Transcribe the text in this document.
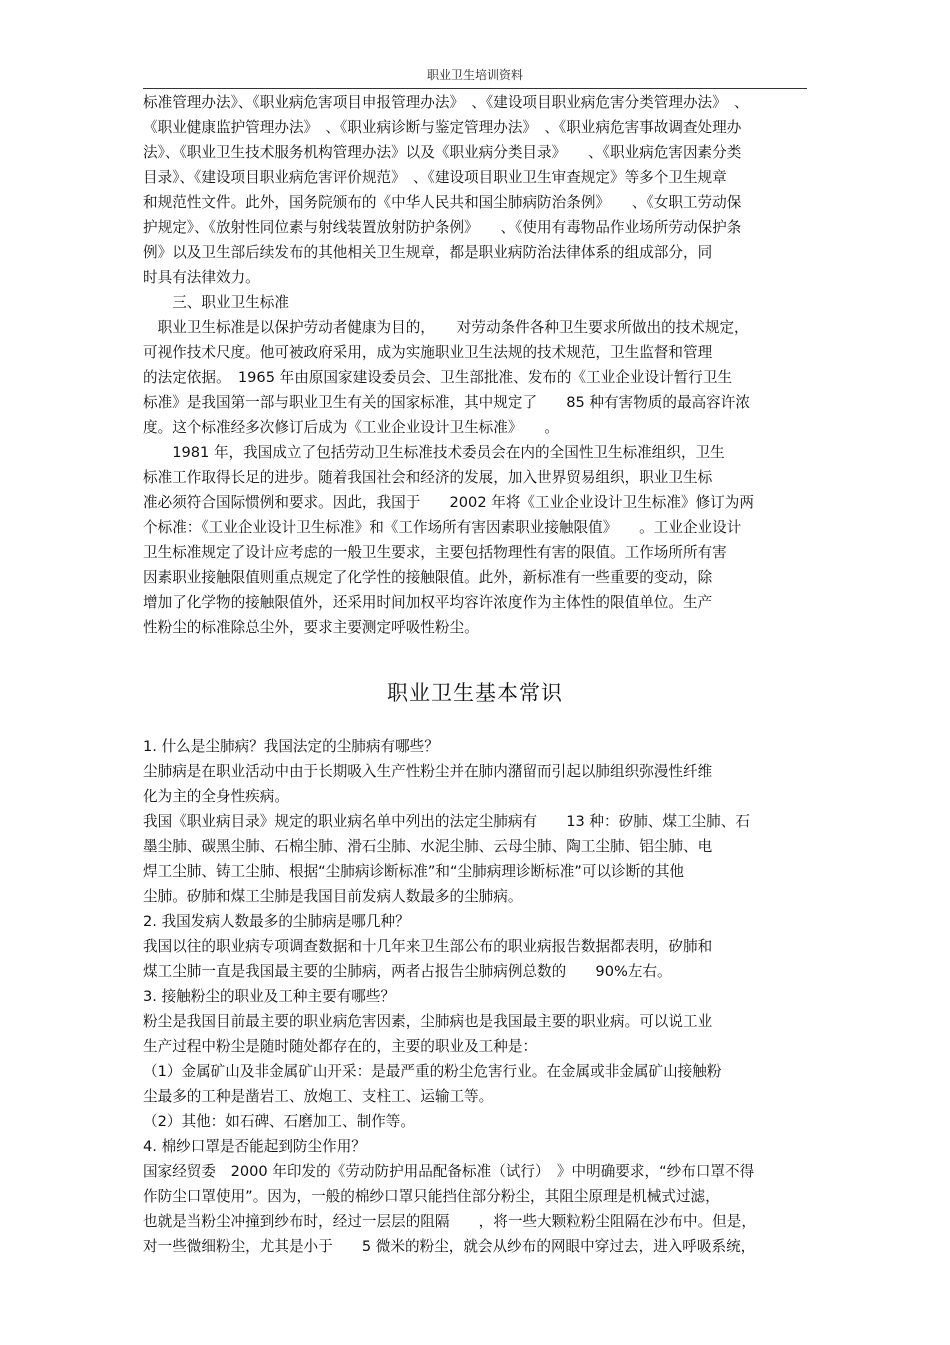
职业卫生培训资料
标准管理办法》、《职业病危害项目申报管理办法》　、《建设项目职业病危害分类管理办法》　、
《职业健康监护管理办法》　、《职业病诊断与鉴定管理办法》　、《职业病危害事故调查处理办
法》、《职业卫生技术服务机构管理办法》以及《职业病分类目录》　　、《职业病危害因素分类
目录》、《建设项目职业病危害评价规范》　、《建设项目职业卫生审查规定》等多个卫生规章
和规范性文件。此外，国务院颁布的《中华人民共和国尘肺病防治条例》　　、《女职工劳动保
护规定》、《放射性同位素与射线装置放射防护条例》　　、《使用有毒物品作业场所劳动保护条
例》以及卫生部后续发布的其他相关卫生规章，都是职业病防治法律体系的组成部分，同
时具有法律效力。
　　三、职业卫生标准
　职业卫生标准是以保护劳动者健康为目的，　　对劳动条件各种卫生要求所做出的技术规定，
可视作技术尺度。他可被政府采用，成为实施职业卫生法规的技术规范，卫生监督和管理
的法定依据。　1965 年由原国家建设委员会、卫生部批准、发布的《工业企业设计暂行卫生
标准》是我国第一部与职业卫生有关的国家标准，其中规定了　　85 种有害物质的最高容许浓
度。这个标准经多次修订后成为《工业企业设计卫生标准》　　。
　　1981 年，我国成立了包括劳动卫生标准技术委员会在内的全国性卫生标准组织，卫生
标准工作取得长足的进步。随着我国社会和经济的发展，加入世界贸易组织，职业卫生标
准必须符合国际惯例和要求。因此，我国于　　2002 年将《工业企业设计卫生标准》修订为两
个标准：《工业企业设计卫生标准》和《工作场所有害因素职业接触限值》　　。工业企业设计
卫生标准规定了设计应考虑的一般卫生要求，主要包括物理性有害的限值。工作场所所有害
因素职业接触限值则重点规定了化学性的接触限值。此外，新标准有一些重要的变动，除
增加了化学物的接触限值外，还采用时间加权平均容许浓度作为主体性的限值单位。生产
性粉尘的标准除总尘外，要求主要测定呼吸性粉尘。
职业卫生基本常识
1. 什么是尘肺病？我国法定的尘肺病有哪些？
尘肺病是在职业活动中由于长期吸入生产性粉尘并在肺内潴留而引起以肺组织弥漫性纤维
化为主的全身性疾病。
我国《职业病目录》规定的职业病名单中列出的法定尘肺病有　　13 种：矽肺、煤工尘肺、石
墨尘肺、碳黑尘肺、石棉尘肺、滑石尘肺、水泥尘肺、云母尘肺、陶工尘肺、铝尘肺、电
焊工尘肺、铸工尘肺、根据“尘肺病诊断标准”和“尘肺病理诊断标准”可以诊断的其他
尘肺。矽肺和煤工尘肺是我国目前发病人数最多的尘肺病。
2. 我国发病人数最多的尘肺病是哪几种？
我国以往的职业病专项调查数据和十几年来卫生部公布的职业病报告数据都表明，矽肺和
煤工尘肺一直是我国最主要的尘肺病，两者占报告尘肺病例总数的　　90%左右。
3. 接触粉尘的职业及工种主要有哪些？
粉尘是我国目前最主要的职业病危害因素，尘肺病也是我国最主要的职业病。可以说工业
生产过程中粉尘是随时随处都存在的，主要的职业及工种是：
（1）金属矿山及非金属矿山开采：是最严重的粉尘危害行业。在金属或非金属矿山接触粉
尘最多的工种是凿岩工、放炮工、支柱工、运输工等。
（2）其他：如石碑、石磨加工、制作等。
4. 棉纱口罩是否能起到防尘作用？
国家经贸委　2000 年印发的《劳动防护用品配备标准（试行）　》中明确要求，“纱布口罩不得
作防尘口罩使用”。因为，一般的棉纱口罩只能挡住部分粉尘，其阻尘原理是机械式过滤，
也就是当粉尘冲撞到纱布时，经过一层层的阻隔　　，将一些大颗粒粉尘阻隔在沙布中。但是，
对一些微细粉尘，尤其是小于　　5 微米的粉尘，就会从纱布的网眼中穿过去，进入呼吸系统，
